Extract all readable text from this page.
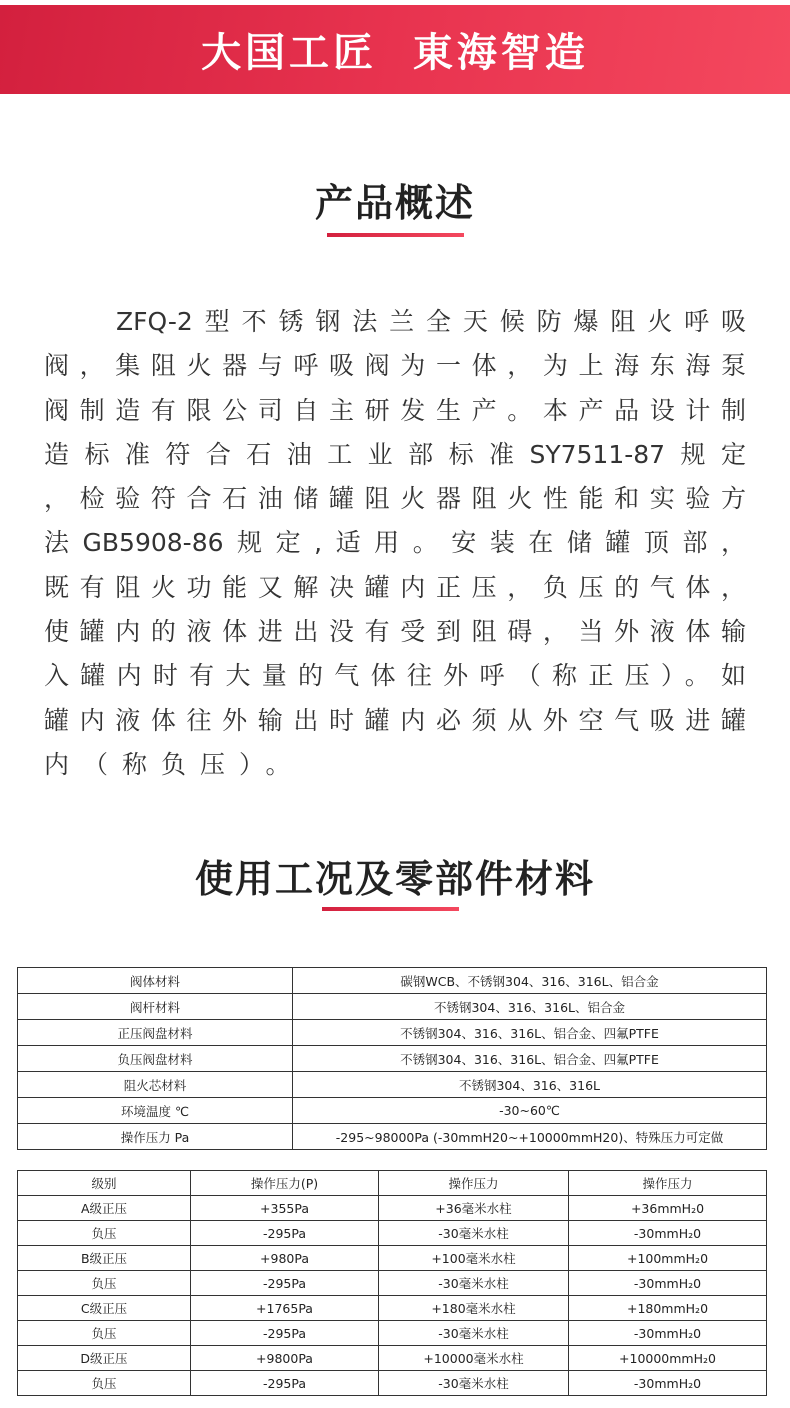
大国工匠  東海智造
产品概述
ZFQ-2型不锈钢法兰全天候防爆阻火呼吸
阀，集阻火器与呼吸阀为一体，为上海东海泵
阀制造有限公司自主研发生产。本产品设计制
造标准符合石油工业部标准SY7511-87规定
，检验符合石油储罐阻火器阻火性能和实验方
法GB5908-86规定,适用。安装在储罐顶部，
既有阻火功能又解决罐内正压，负压的气体，
使罐内的液体进出没有受到阻碍，当外液体输
入罐内时有大量的气体往外呼（称正压）。如
罐内液体往外输出时罐内必须从外空气吸进罐
内（称负压）。
使用工况及零部件材料
阀体材料	碳钢WCB、不锈钢304、316、316L、铝合金
阀杆材料	不锈钢304、316、316L、铝合金
正压阀盘材料	不锈钢304、316、316L、铝合金、四氟PTFE
负压阀盘材料	不锈钢304、316、316L、铝合金、四氟PTFE
阻火芯材料	不锈钢304、316、316L
环境温度 ℃	-30~60℃
操作压力 Pa	-295~98000Pa (-30mmH20~+10000mmH20)、特殊压力可定做
级别	操作压力(P)	操作压力	操作压力
A级正压	+355Pa	+36毫米水柱	+36mmH₂0
负压	-295Pa	-30毫米水柱	-30mmH₂0
B级正压	+980Pa	+100毫米水柱	+100mmH₂0
负压	-295Pa	-30毫米水柱	-30mmH₂0
C级正压	+1765Pa	+180毫米水柱	+180mmH₂0
负压	-295Pa	-30毫米水柱	-30mmH₂0
D级正压	+9800Pa	+10000毫米水柱	+10000mmH₂0
负压	-295Pa	-30毫米水柱	-30mmH₂0
